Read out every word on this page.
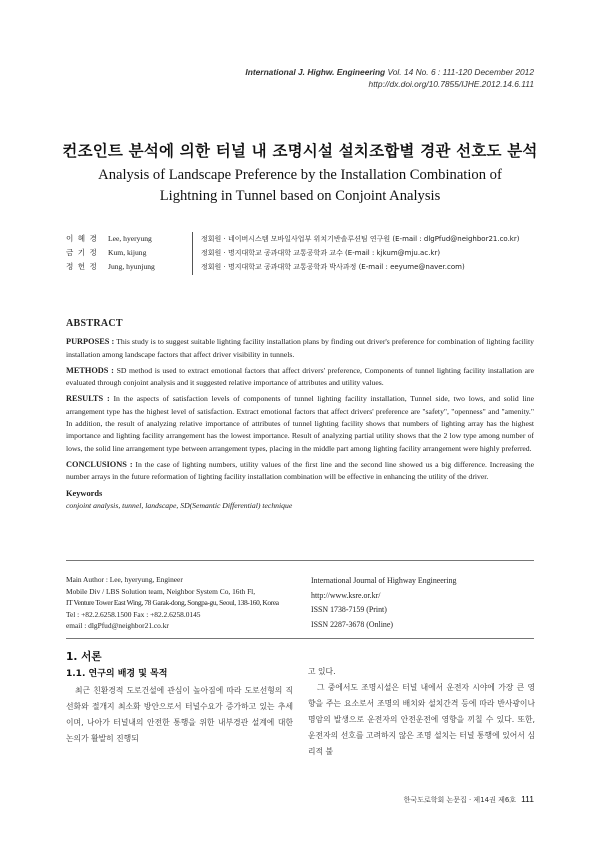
International J. Highw. Engineering Vol. 14 No. 6 : 111-120 December 2012
http://dx.doi.org/10.7855/IJHE.2012.14.6.111
컨조인트 분석에 의한 터널 내 조명시설 설치조합별 경관 선호도 분석
Analysis of Landscape Preference by the Installation Combination of
Lightning in Tunnel based on Conjoint Analysis
이 혜 경	Lee, hyeryung	정회원 · 네이버시스템 모바일사업부 위치기반솔루션팀 연구원 (E-mail : dlgPfud@neighbor21.co.kr)
금 기 정	Kum, kijung	정회원 · 명지대학교 공과대학 교통공학과 교수 (E-mail : kjkum@mju.ac.kr)
정 헌 정	Jung, hyunjung	정회원 · 명지대학교 공과대학 교통공학과 박사과정 (E-mail : eeyume@naver.com)
ABSTRACT

PURPOSES : This study is to suggest suitable lighting facility installation plans by finding out driver's preference for combination of lighting facility installation among landscape factors that affect driver visibility in tunnels.

METHODS : SD method is used to extract emotional factors that affect drivers' preference, Components of tunnel lighting facility installation are evaluated through conjoint analysis and it suggested relative importance of attributes and utility values.

RESULTS : In the aspects of satisfaction levels of components of tunnel lighting facility installation, Tunnel side, two lows, and solid line arrangement type has the highest level of satisfaction. Extract emotional factors that affect drivers' preference are "safety", "openness" and "amenity." In addition, the result of analyzing relative importance of attributes of tunnel lighting facility shows that numbers of lighting array has the highest importance and lighting facility arrangement has the lowest importance. Result of analyzing partial utility shows that the 2 low type among number of lows, the solid line arrangement type between arrangement types, placing in the middle part among lighting facility arrangement were highly preferred.

CONCLUSIONS : In the case of lighting numbers, utility values of the first line and the second line showed us a big difference. Increasing the number arrays in the future reformation of lighting facility installation combination will be effective in enhancing the utility of the driver.

Keywords
conjoint analysis, tunnel, landscape, SD(Semantic Differential) technique
Main Author : Lee, hyeryung, Engineer
Mobile Div / LBS Solution team, Neighbor System Co, 16th Fl,
IT Venture Tower East Wing, 78 Garak-dong, Songpa-gu, Seoul, 138-160, Korea
Tel : +82.2.6258.1500 Fax : +82.2.6258.0145
email : dlgPfud@neighbor21.co.kr
International Journal of Highway Engineering
http://www.ksre.or.kr/
ISSN 1738-7159 (Print)
ISSN 2287-3678 (Online)
1. 서론
1.1. 연구의 배경 및 목적

최근 친환경적 도로건설에 관심이 높아짐에 따라 도로선형의 직선화와 절개지 최소화 방안으로서 터널수요가 증가하고 있는 추세이며, 나아가 터널내의 안전한 통행을 위한 내부경관 설계에 대한 논의가 활발히 진행되

고 있다.

그 중에서도 조명시설은 터널 내에서 운전자 시야에 가장 큰 영향을 주는 요소로서 조명의 배치와 설치간격 등에 따라 반사광이나 명암의 발생으로 운전자의 안전운전에 영향을 끼칠 수 있다. 또한, 운전자의 선호를 고려하지 않은 조명 설치는 터널 통행에 있어서 심리적 불

한국도로학회 논문집 · 제14권 제6호 111
